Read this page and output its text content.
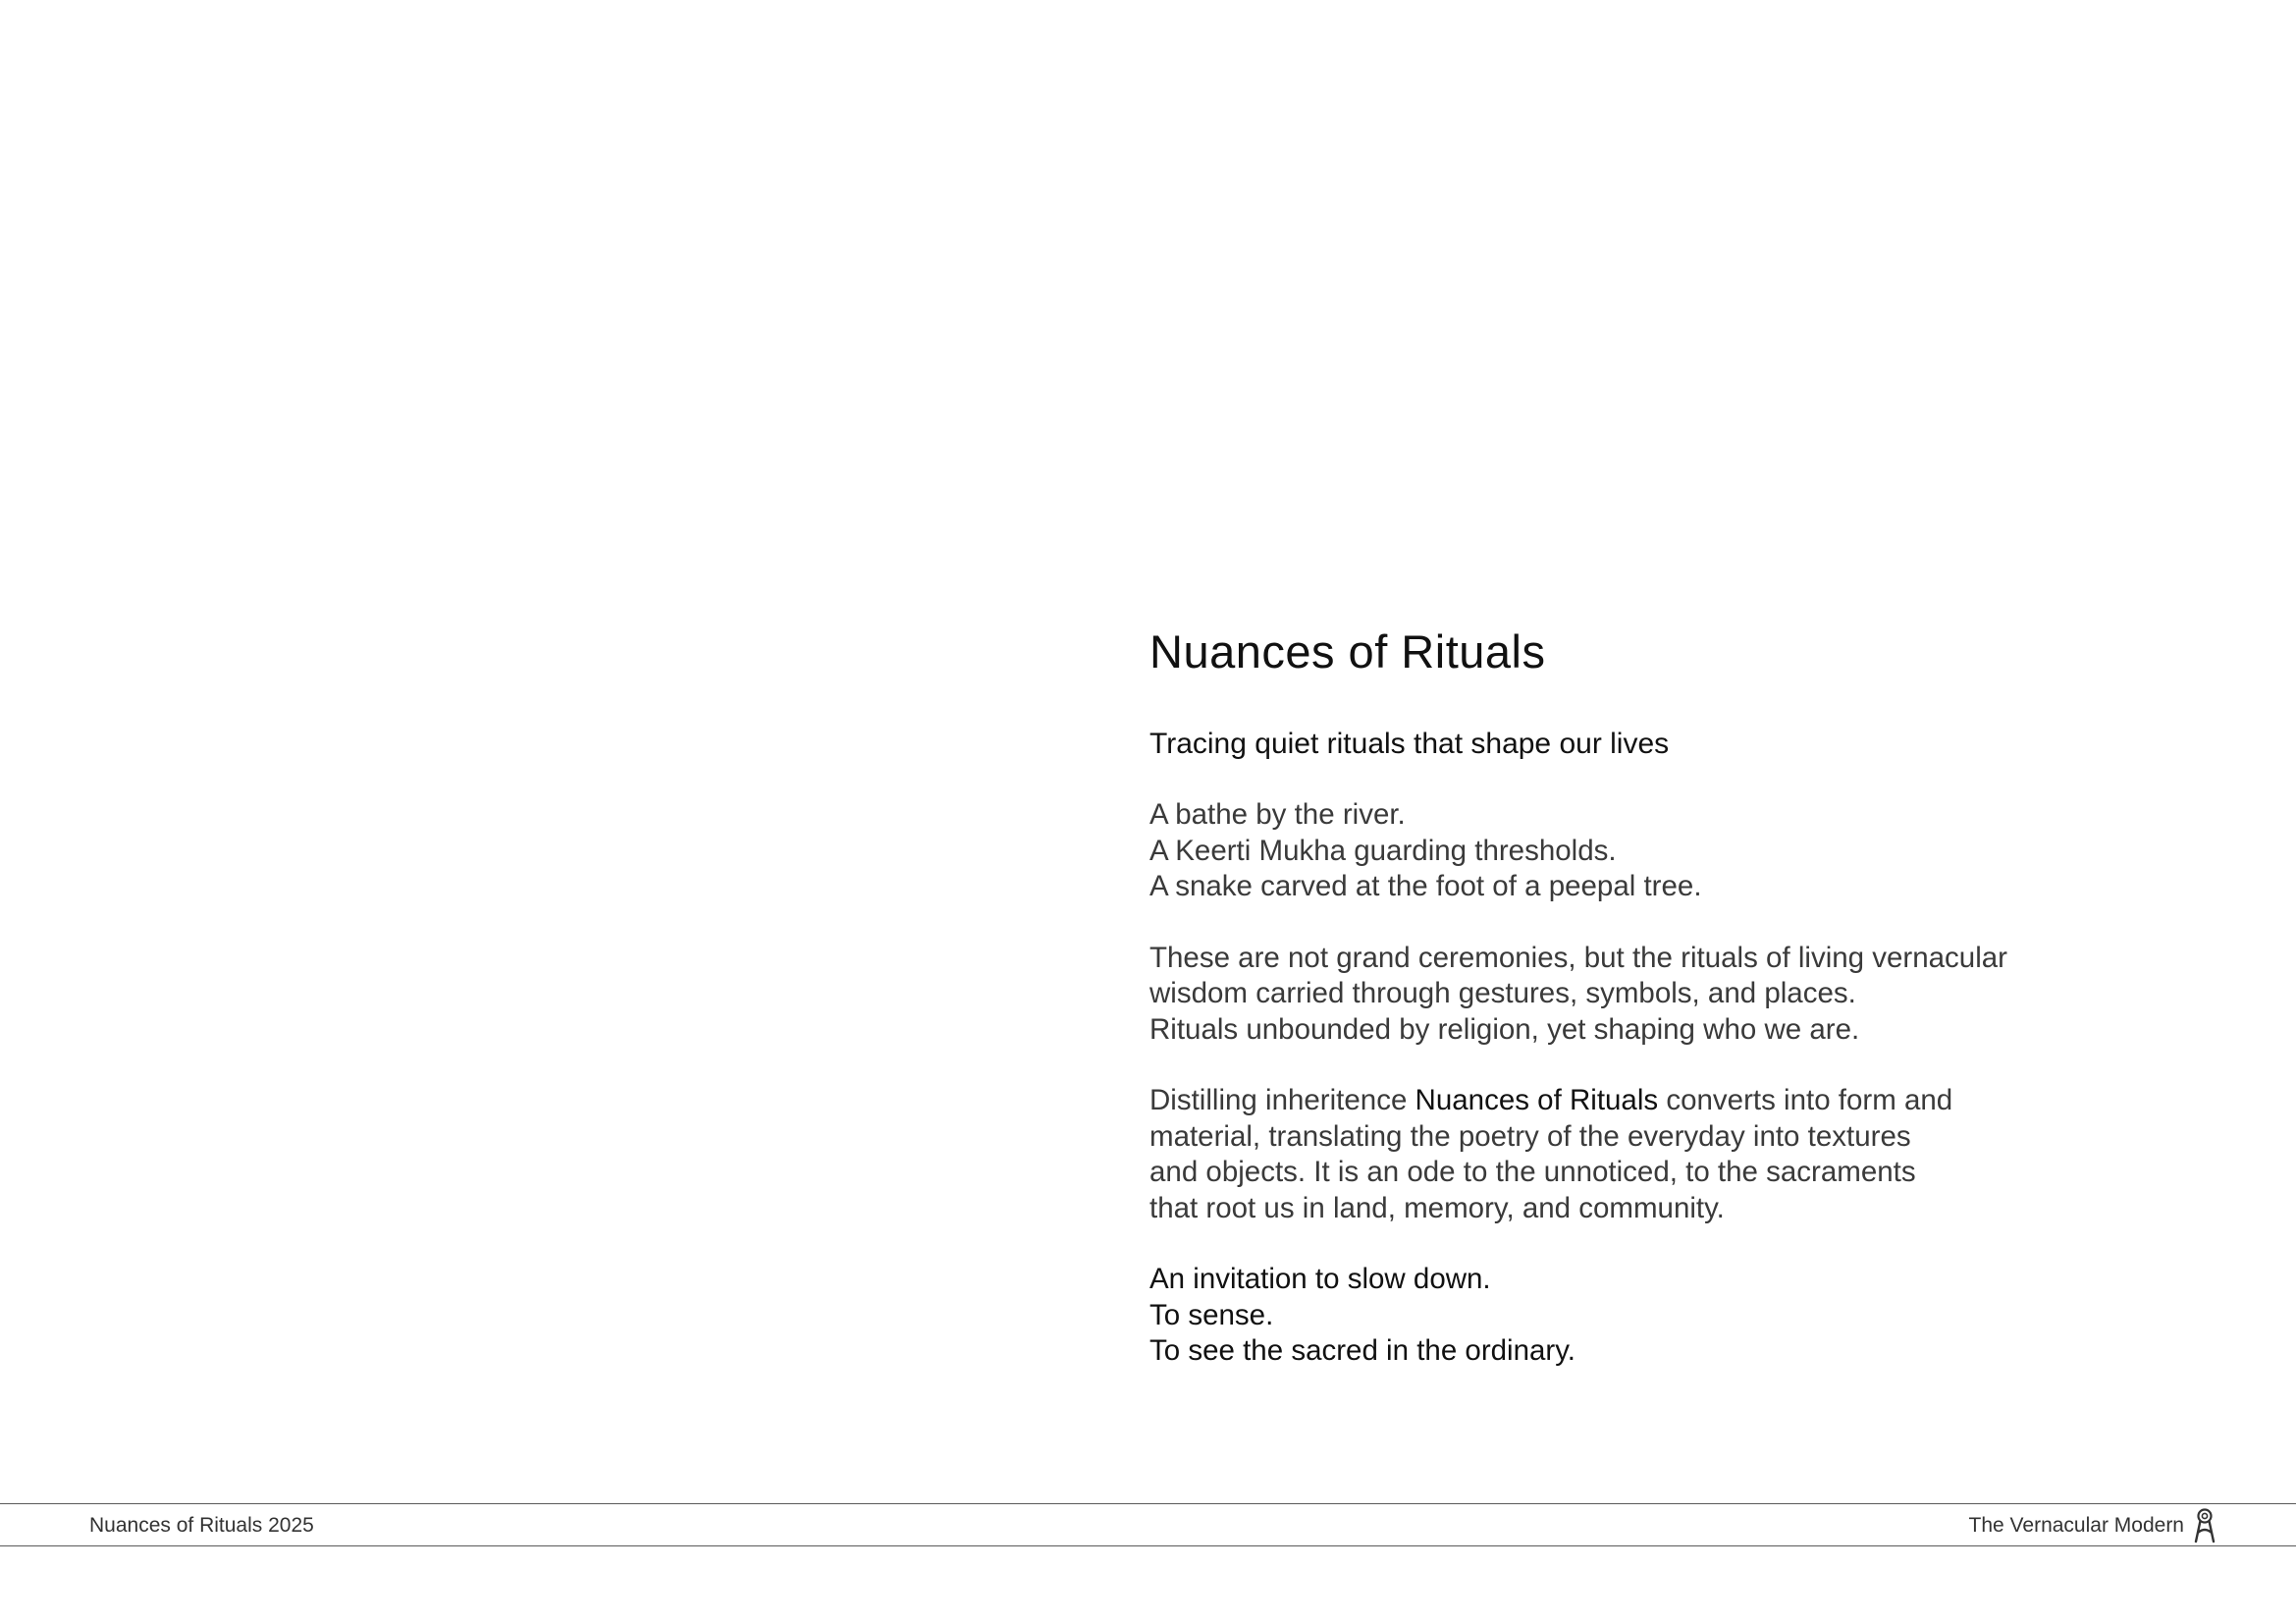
Nuances of Rituals

Tracing quiet rituals that shape our lives

A bathe by the river.
A Keerti Mukha guarding thresholds.
A snake carved at the foot of a peepal tree.

These are not grand ceremonies, but the rituals of living vernacular
wisdom carried through gestures, symbols, and places.
Rituals unbounded by religion, yet shaping who we are.

Distilling inheritence Nuances of Rituals converts into form and
material, translating the poetry of the everyday into textures
and objects. It is an ode to the unnoticed, to the sacraments
that root us in land, memory, and community.

An invitation to slow down.
To sense.
To see the sacred in the ordinary.

Nuances of Rituals 2025	The Vernacular Modern
